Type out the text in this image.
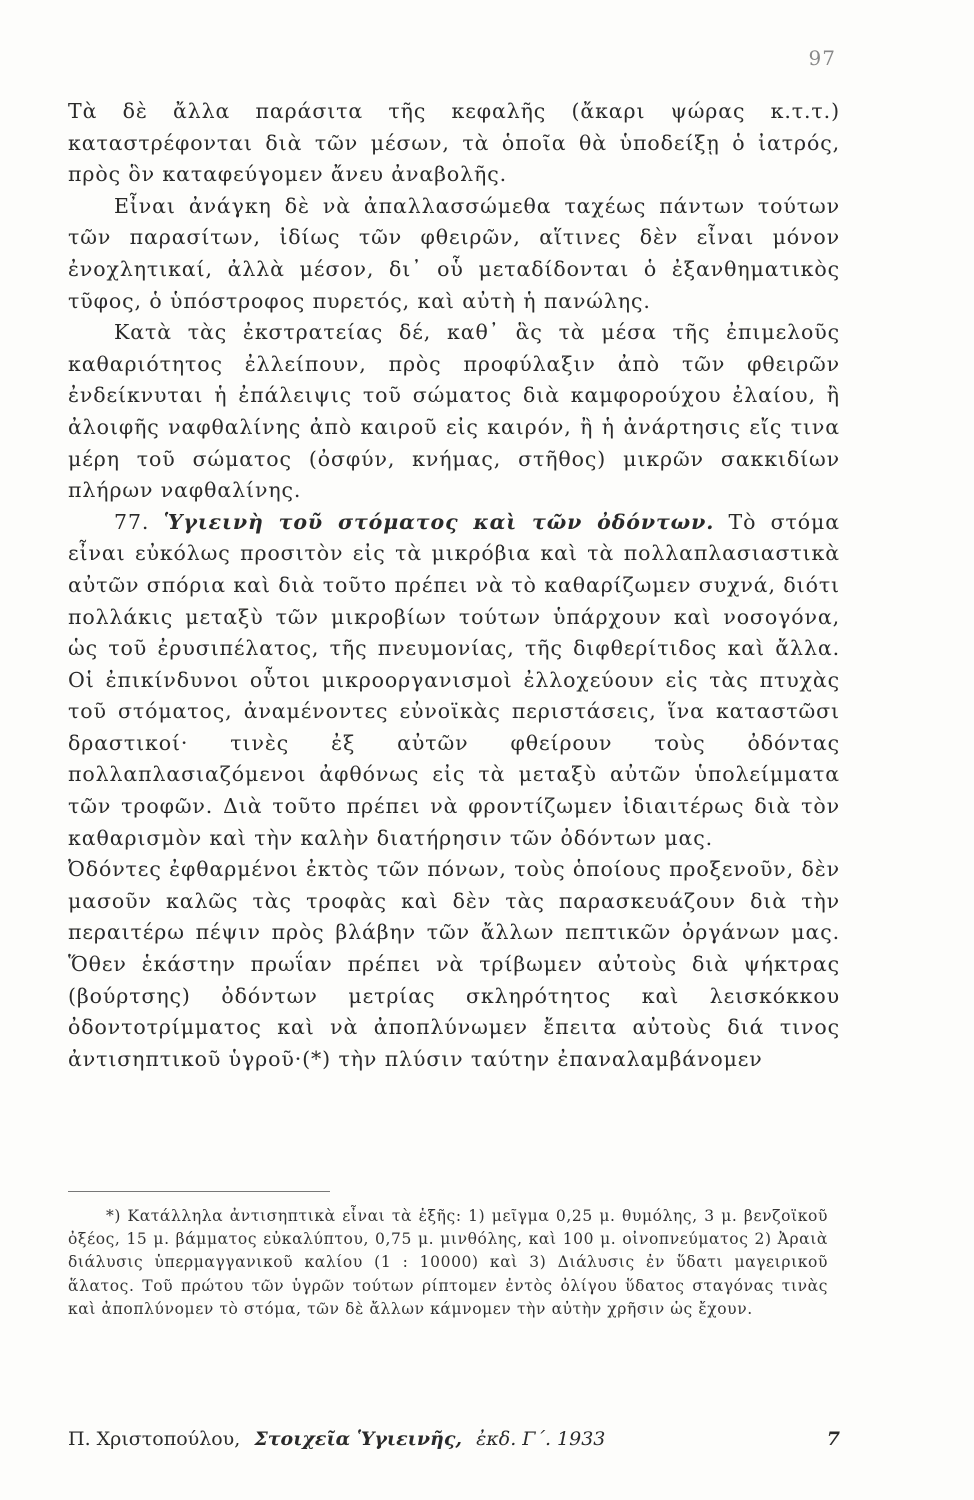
97

Τὰ δὲ ἄλλα παράσιτα τῆς κεφαλῆς (ἄκαρι ψώρας κ.τ.τ.) καταστρέφονται διὰ τῶν μέσων, τὰ ὁποῖα θὰ ὑποδείξῃ ὁ ἰατρός, πρὸς ὃν καταφεύγομεν ἄνευ ἀναβολῆς.

Εἶναι ἀνάγκη δὲ νὰ ἀπαλλασσώμεθα ταχέως πάντων τούτων τῶν παρασίτων, ἰδίως τῶν φθειρῶν, αἵτινες δὲν εἶναι μόνον ἐνοχλητικαί, ἀλλὰ μέσον, δι᾽ οὗ μεταδίδονται ὁ ἐξανθηματικὸς τῦφος, ὁ ὑπόστροφος πυρετός, καὶ αὐτὴ ἡ πανώλης.

Κατὰ τὰς ἐκστρατείας δέ, καθ᾽ ἃς τὰ μέσα τῆς ἐπιμελοῦς καθαριότητος ἐλλείπουν, πρὸς προφύλαξιν ἀπὸ τῶν φθειρῶν ἐνδείκνυται ἡ ἐπάλειψις τοῦ σώματος διὰ καμφορούχου ἐλαίου, ἢ ἀλοιφῆς ναφθαλίνης ἀπὸ καιροῦ εἰς καιρόν, ἢ ἡ ἀνάρτησις εἴς τινα μέρη τοῦ σώματος (ὀσφύν, κνήμας, στῆθος) μικρῶν σακκιδίων πλήρων ναφθαλίνης.

77. Ὑγιεινὴ τοῦ στόματος καὶ τῶν ὀδόντων. Τὸ στόμα εἶναι εὐκόλως προσιτὸν εἰς τὰ μικρόβια καὶ τὰ πολλαπλασιαστικὰ αὐτῶν σπόρια καὶ διὰ τοῦτο πρέπει νὰ τὸ καθαρίζωμεν συχνά, διότι πολλάκις μεταξὺ τῶν μικροβίων τούτων ὑπάρχουν καὶ νοσογόνα, ὡς τοῦ ἐρυσιπέλατος, τῆς πνευμονίας, τῆς διφθερίτιδος καὶ ἄλλα. Οἱ ἐπικίνδυνοι οὗτοι μικροοργανισμοὶ ἐλλοχεύουν εἰς τὰς πτυχὰς τοῦ στόματος, ἀναμένοντες εὐνοϊκὰς περιστάσεις, ἵνα καταστῶσι δραστικοί· τινὲς ἐξ αὐτῶν φθείρουν τοὺς ὀδόντας πολλαπλασιαζόμενοι ἀφθόνως εἰς τὰ μεταξὺ αὐτῶν ὑπολείμματα τῶν τροφῶν. Διὰ τοῦτο πρέπει νὰ φροντίζωμεν ἰδιαιτέρως διὰ τὸν καθαρισμὸν καὶ τὴν καλὴν διατήρησιν τῶν ὀδόντων μας.

Ὀδόντες ἐφθαρμένοι ἐκτὸς τῶν πόνων, τοὺς ὁποίους προξενοῦν, δὲν μασοῦν καλῶς τὰς τροφὰς καὶ δὲν τὰς παρασκευάζουν διὰ τὴν περαιτέρω πέψιν πρὸς βλάβην τῶν ἄλλων πεπτικῶν ὀργάνων μας. Ὅθεν ἑκάστην πρωΐαν πρέπει νὰ τρίβωμεν αὐτοὺς διὰ ψήκτρας (βούρτσης) ὀδόντων μετρίας σκληρότητος καὶ λεισκόκκου ὀδοντοτρίμματος καὶ νὰ ἀποπλύνωμεν ἔπειτα αὐτοὺς διά τινος ἀντισηπτικοῦ ὑγροῦ·(*) τὴν πλύσιν ταύτην ἐπαναλαμβάνομεν

*) Κατάλληλα ἀντισηπτικὰ εἶναι τὰ ἑξῆς: 1) μεῖγμα 0,25 μ. θυμόλης, 3 μ. βενζοϊκοῦ ὀξέος, 15 μ. βάμματος εὐκαλύπτου, 0,75 μ. μινθόλης, καὶ 100 μ. οἰνοπνεύματος 2) Ἀραιὰ διάλυσις ὑπερμαγγανικοῦ καλίου (1 : 10000) καὶ 3) Διάλυσις ἐν ὕδατι μαγειρικοῦ ἅλατος. Τοῦ πρώτου τῶν ὑγρῶν τούτων ρίπτομεν ἐντὸς ὀλίγου ὕδατος σταγόνας τινὰς καὶ ἀποπλύνομεν τὸ στόμα, τῶν δὲ ἄλλων κάμνομεν τὴν αὐτὴν χρῆσιν ὡς ἔχουν.

Π. Χριστοπούλου, Στοιχεῖα Ὑγιεινῆς, ἐκδ. Γ΄. 1933	7
